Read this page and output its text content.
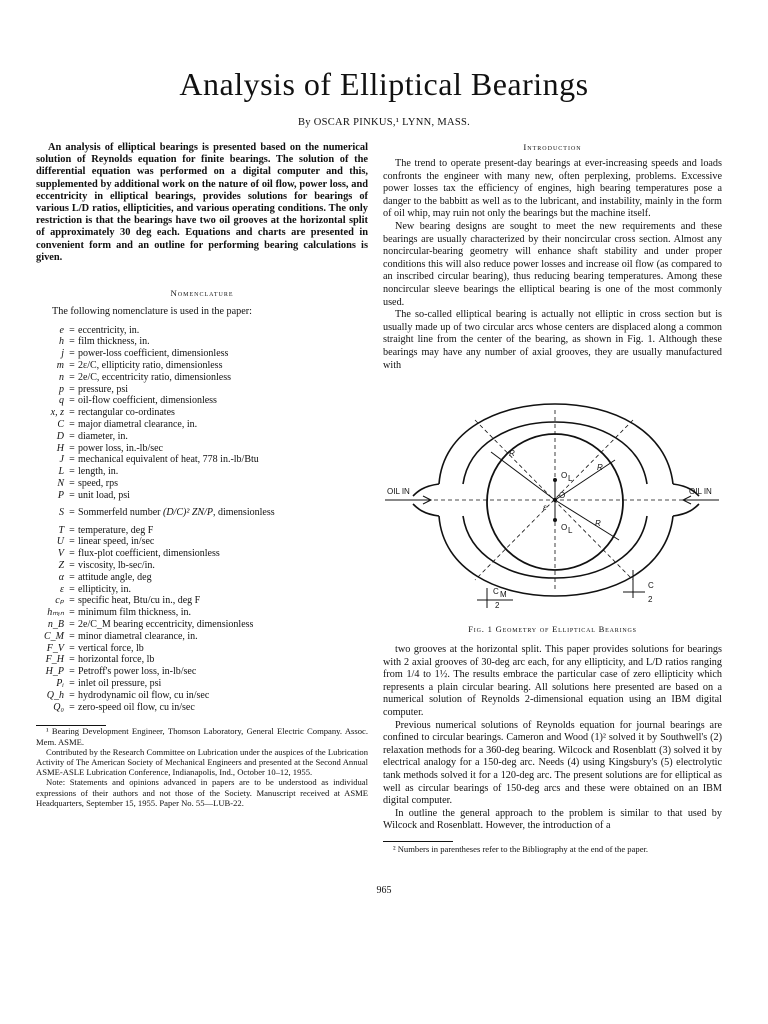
Analysis of Elliptical Bearings
By OSCAR PINKUS,¹ LYNN, MASS.

An analysis of elliptical bearings is presented based on the numerical solution of Reynolds equation for finite bearings. The solution of the differential equation was performed on a digital computer and this, supplemented by additional work on the nature of oil flow, power loss, and eccentricity in elliptical bearings, provides solutions for bearings of various L/D ratios, ellipticities, and various operating conditions. The only restriction is that the bearings have two oil grooves at the horizontal split of approximately 30 deg each. Equations and charts are presented in convenient form and an outline for performing bearing calculations is given.

Nomenclature

The following nomenclature is used in the paper:

e = eccentricity, in.
h = film thickness, in.
j = power-loss coefficient, dimensionless
m = 2ε/C, ellipticity ratio, dimensionless
n = 2e/C, eccentricity ratio, dimensionless
p = pressure, psi
q = oil-flow coefficient, dimensionless
x, z = rectangular co-ordinates
C = major diametral clearance, in.
D = diameter, in.
H = power loss, in.-lb/sec
J = mechanical equivalent of heat, 778 in.-lb/Btu
L = length, in.
N = speed, rps
P = unit load, psi
S = Sommerfeld number (D/C)² ZN/P, dimensionless
T = temperature, deg F
U = linear speed, in/sec
V = flux-plot coefficient, dimensionless
Z = viscosity, lb-sec/in.
α = attitude angle, deg
ε = ellipticity, in.
cₚ = specific heat, Btu/cu in., deg F
hₘᵢₙ = minimum film thickness, in.
n_B = 2e/C_M bearing eccentricity, dimensionless
C_M = minor diametral clearance, in.
F_V = vertical force, lb
F_H = horizontal force, lb
H_P = Petroff's power loss, in-lb/sec
Pᵢ = inlet oil pressure, psi
Q_h = hydrodynamic oil flow, cu in/sec
Q₀ = zero-speed oil flow, cu in/sec

¹ Bearing Development Engineer, Thomson Laboratory, General Electric Company. Assoc. Mem. ASME.

Contributed by the Research Committee on Lubrication under the auspices of the Lubrication Activity of The American Society of Mechanical Engineers and presented at the Second Annual ASME-ASLE Lubrication Conference, Indianapolis, Ind., October 10–12, 1955.

Note: Statements and opinions advanced in papers are to be understood as individual expressions of their authors and not those of the Society. Manuscript received at ASME Headquarters, September 15, 1955. Paper No. 55—LUB-22.

Introduction

The trend to operate present-day bearings at ever-increasing speeds and loads confronts the engineer with many new, often perplexing, problems. Excessive power losses tax the efficiency of engines, high bearing temperatures pose a danger to the babbitt as well as to the lubricant, and instability, mainly in the form of oil whip, may ruin not only the bearings but the machine itself.

New bearing designs are sought to meet the new requirements and these bearings are usually characterized by their noncircular cross section. Almost any noncircular-bearing geometry will enhance shaft stability and under proper conditions this will also reduce power losses and increase oil flow (as compared to an inscribed circular bearing), thus reducing bearing temperatures. Among these noncircular sleeve bearings the elliptical bearing is one of the most commonly used.

The so-called elliptical bearing is actually not elliptic in cross section but is usually made up of two circular arcs whose centers are displaced along a common straight line from the center of the bearing, as shown in Fig. 1. Although these bearings may have any number of axial grooves, they are usually manufactured with

OIL IN	OIL IN
R
R
R
O L
O L
O
ε
C M
2
C
2

Fig. 1 Geometry of Elliptical Bearings

two grooves at the horizontal split. This paper provides solutions for bearings with 2 axial grooves of 30-deg arc each, for any ellipticity, and L/D ratios ranging from 1/4 to 1½. The results embrace the particular case of zero ellipticity which represents a plain circular bearing. All solutions here presented are based on a numerical solution of Reynolds 2-dimensional equation using an IBM digital computer.

Previous numerical solutions of Reynolds equation for journal bearings are confined to circular bearings. Cameron and Wood (1)² solved it by Southwell's (2) relaxation methods for a 360-deg bearing. Wilcock and Rosenblatt (3) solved it by electrical analogy for a 150-deg arc. Needs (4) using Kingsbury's (5) electrolytic tank methods solved it for a 120-deg arc. The present solutions are for elliptical as well as circular bearings of 150-deg arcs and these were obtained on an IBM digital computer.

In outline the general approach to the problem is similar to that used by Wilcock and Rosenblatt. However, the introduction of a

² Numbers in parentheses refer to the Bibliography at the end of the paper.

965
